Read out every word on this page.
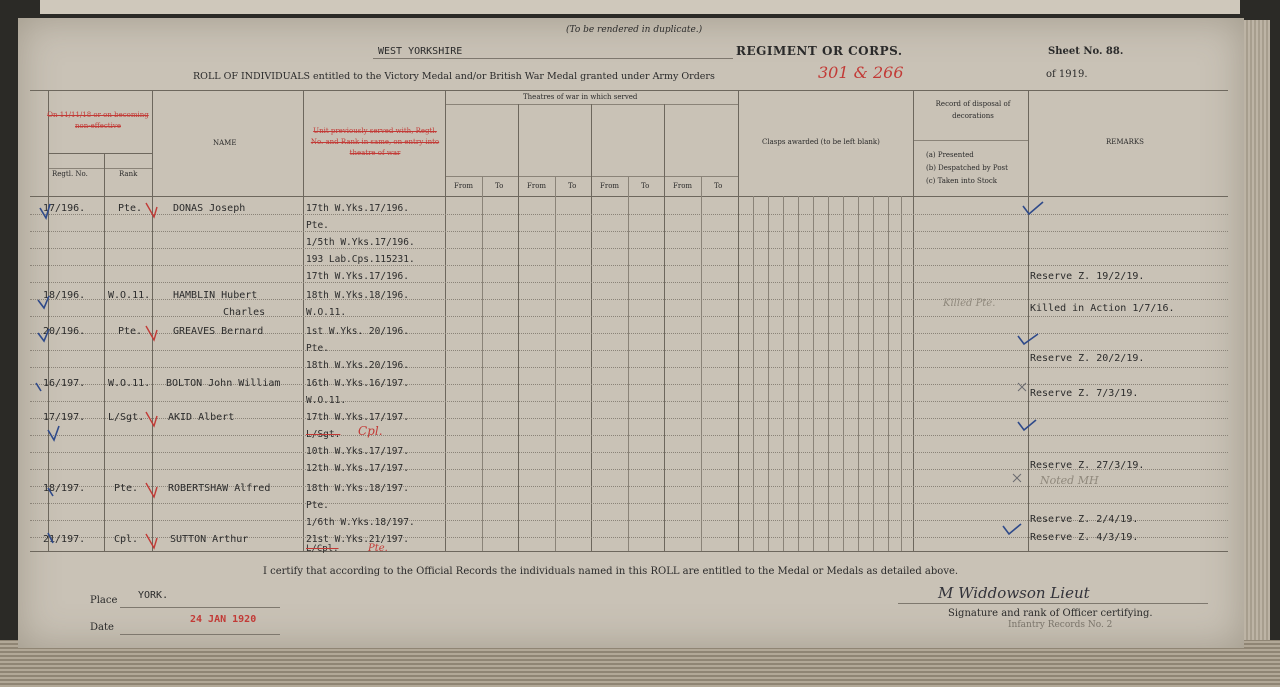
(To be rendered in duplicate.)
WEST YORKSHIRE	REGIMENT OR CORPS.	Sheet No. 88.
ROLL OF INDIVIDUALS entitled to the Victory Medal and/or British War Medal granted under Army Orders	301 & 266	of 1919.
On 11/11/18 or on becoming non-effective
Regtl. No.	Rank
NAME
Unit previously served with, Regtl. No. and Rank in same, on entry into theatre of war
Theatres of war in which served
From	To	From	To	From	To	From	To
Clasps awarded (to be left blank)
Record of disposal of decorations
(a) Presented
(b) Despatched by Post
(c) Taken into Stock
REMARKS
17/196.	Pte.	DONAS Joseph	17th W.Yks.17/196.
Pte.
1/5th W.Yks.17/196.
193 Lab.Cps.115231.
17th W.Yks.17/196.	Reserve Z. 19/2/19.
18/196. W.O.11. HAMBLIN Hubert
Charles
18th W.Yks.18/196.
W.O.11.
Killed Pte.	Killed in Action 1/7/16.
20/196.	Pte.	GREAVES Bernard	1st W.Yks. 20/196.
Pte.
18th W.Yks.20/196.
Reserve Z. 20/2/19.
16/197. W.O.11. BOLTON John William	16th W.Yks.16/197.
W.O.11.
Reserve Z. 7/3/19.
17/197. L/Sgt. AKID Albert	17th W.Yks.17/197.
L/Sgt. Cpl.
10th W.Yks.17/197.
12th W.Yks.17/197.	Reserve Z. 27/3/19.
Noted MH
18/197.	Pte.	ROBERTSHAW Alfred	18th W.Yks.18/197.
Pte.
1/6th W.Yks.18/197.	Reserve Z. 2/4/19.
21/197.	Cpl.	SUTTON Arthur	21st W.Yks.21/197.
L/Cpl.	Pte.
Reserve Z. 4/3/19.
I certify that according to the Official Records the individuals named in this ROLL are entitled to the Medal or Medals as detailed above.
Place YORK.
Date
24 JAN 1920
M Widdowson Lieut
Signature and rank of Officer certifying.
Infantry Records No. 2
